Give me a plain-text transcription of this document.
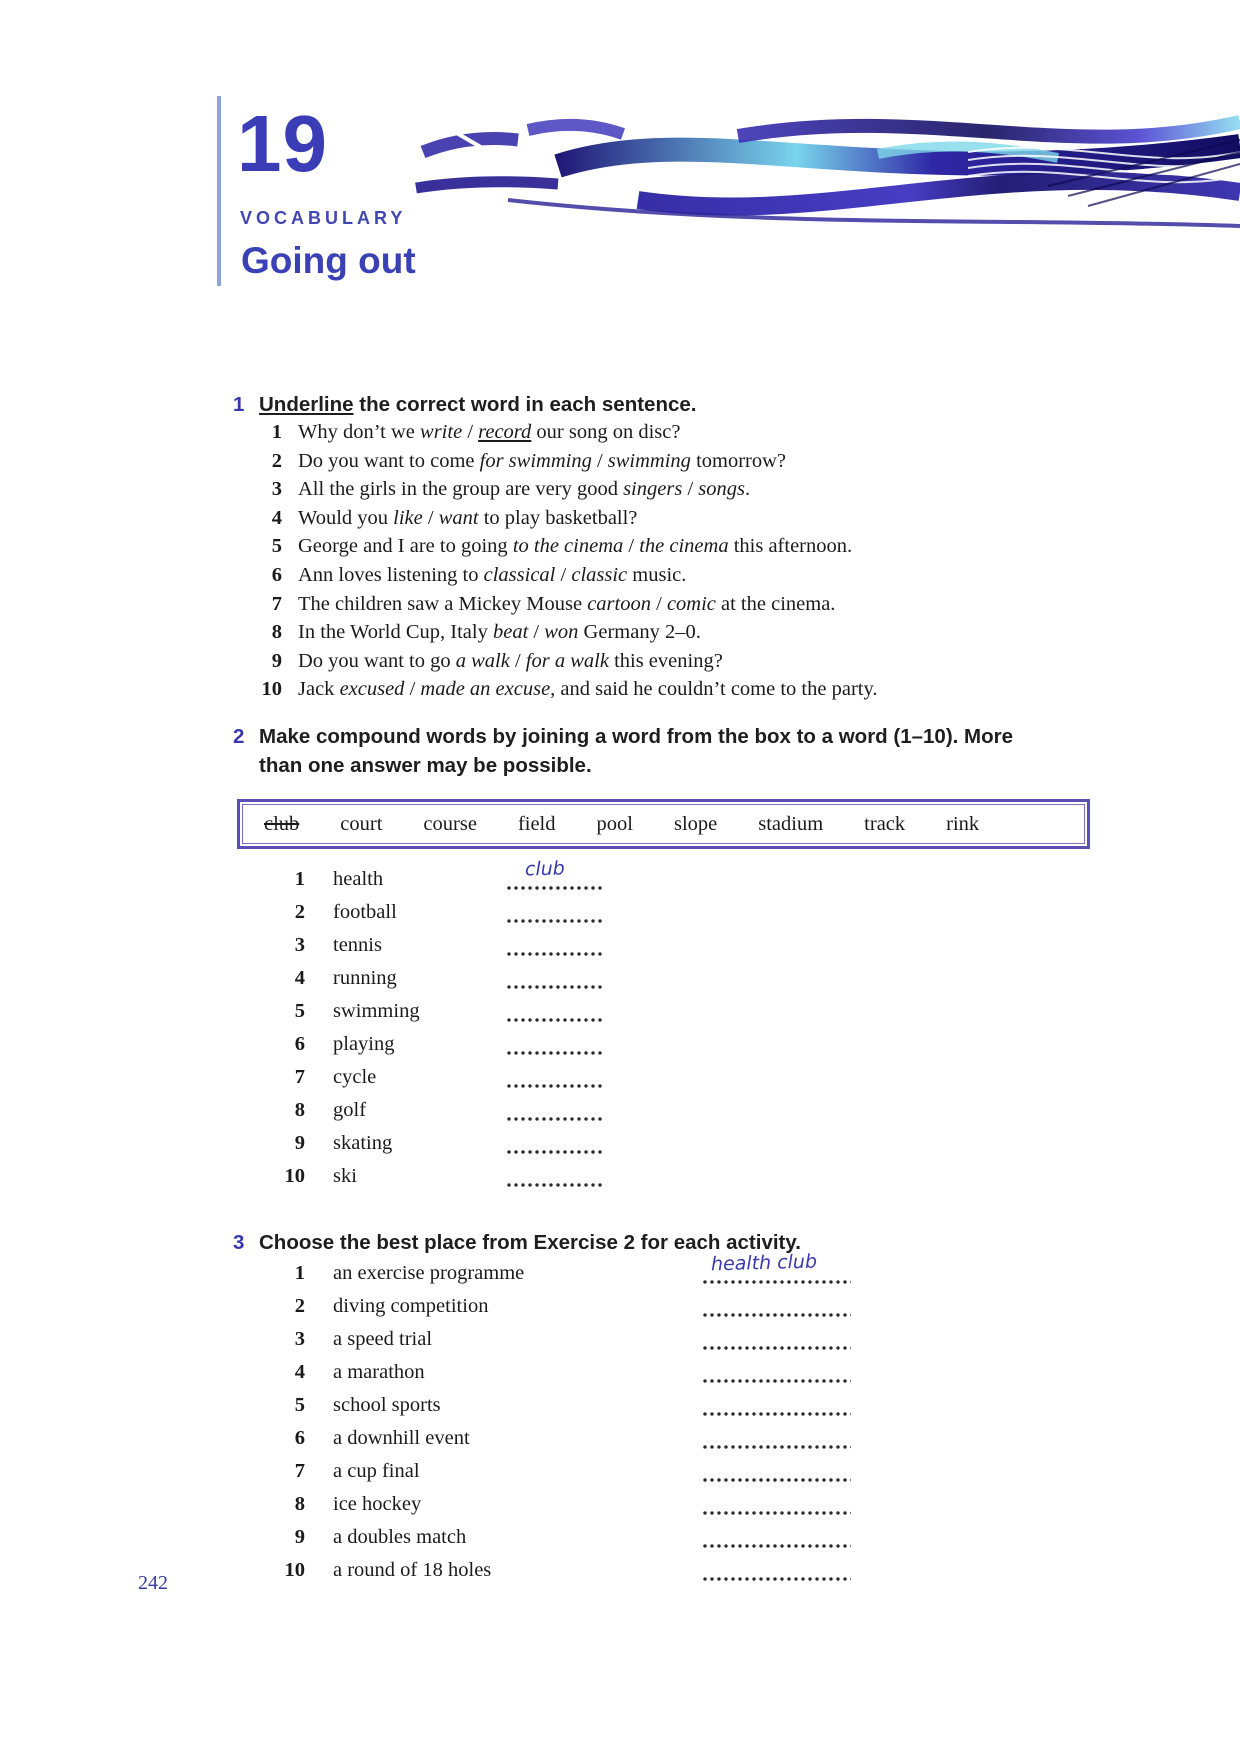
19
VOCABULARY
Going out
1 Underline the correct word in each sentence.
1 Why don’t we write / record our song on disc?
2 Do you want to come for swimming / swimming tomorrow?
3 All the girls in the group are very good singers / songs.
4 Would you like / want to play basketball?
5 George and I are to going to the cinema / the cinema this afternoon.
6 Ann loves listening to classical / classic music.
7 The children saw a Mickey Mouse cartoon / comic at the cinema.
8 In the World Cup, Italy beat / won Germany 2–0.
9 Do you want to go a walk / for a walk this evening?
10 Jack excused / made an excuse, and said he couldn’t come to the party.
2 Make compound words by joining a word from the box to a word (1–10). More than one answer may be possible.
club court course field pool slope stadium track rink
1 health	club
2 football
3 tennis
4 running
5 swimming
6 playing
7 cycle
8 golf
9 skating
10 ski
3 Choose the best place from Exercise 2 for each activity.
1 an exercise programme	health club
2 diving competition
3 a speed trial
4 a marathon
5 school sports
6 a downhill event
7 a cup final
8 ice hockey
9 a doubles match
10 a round of 18 holes
242
